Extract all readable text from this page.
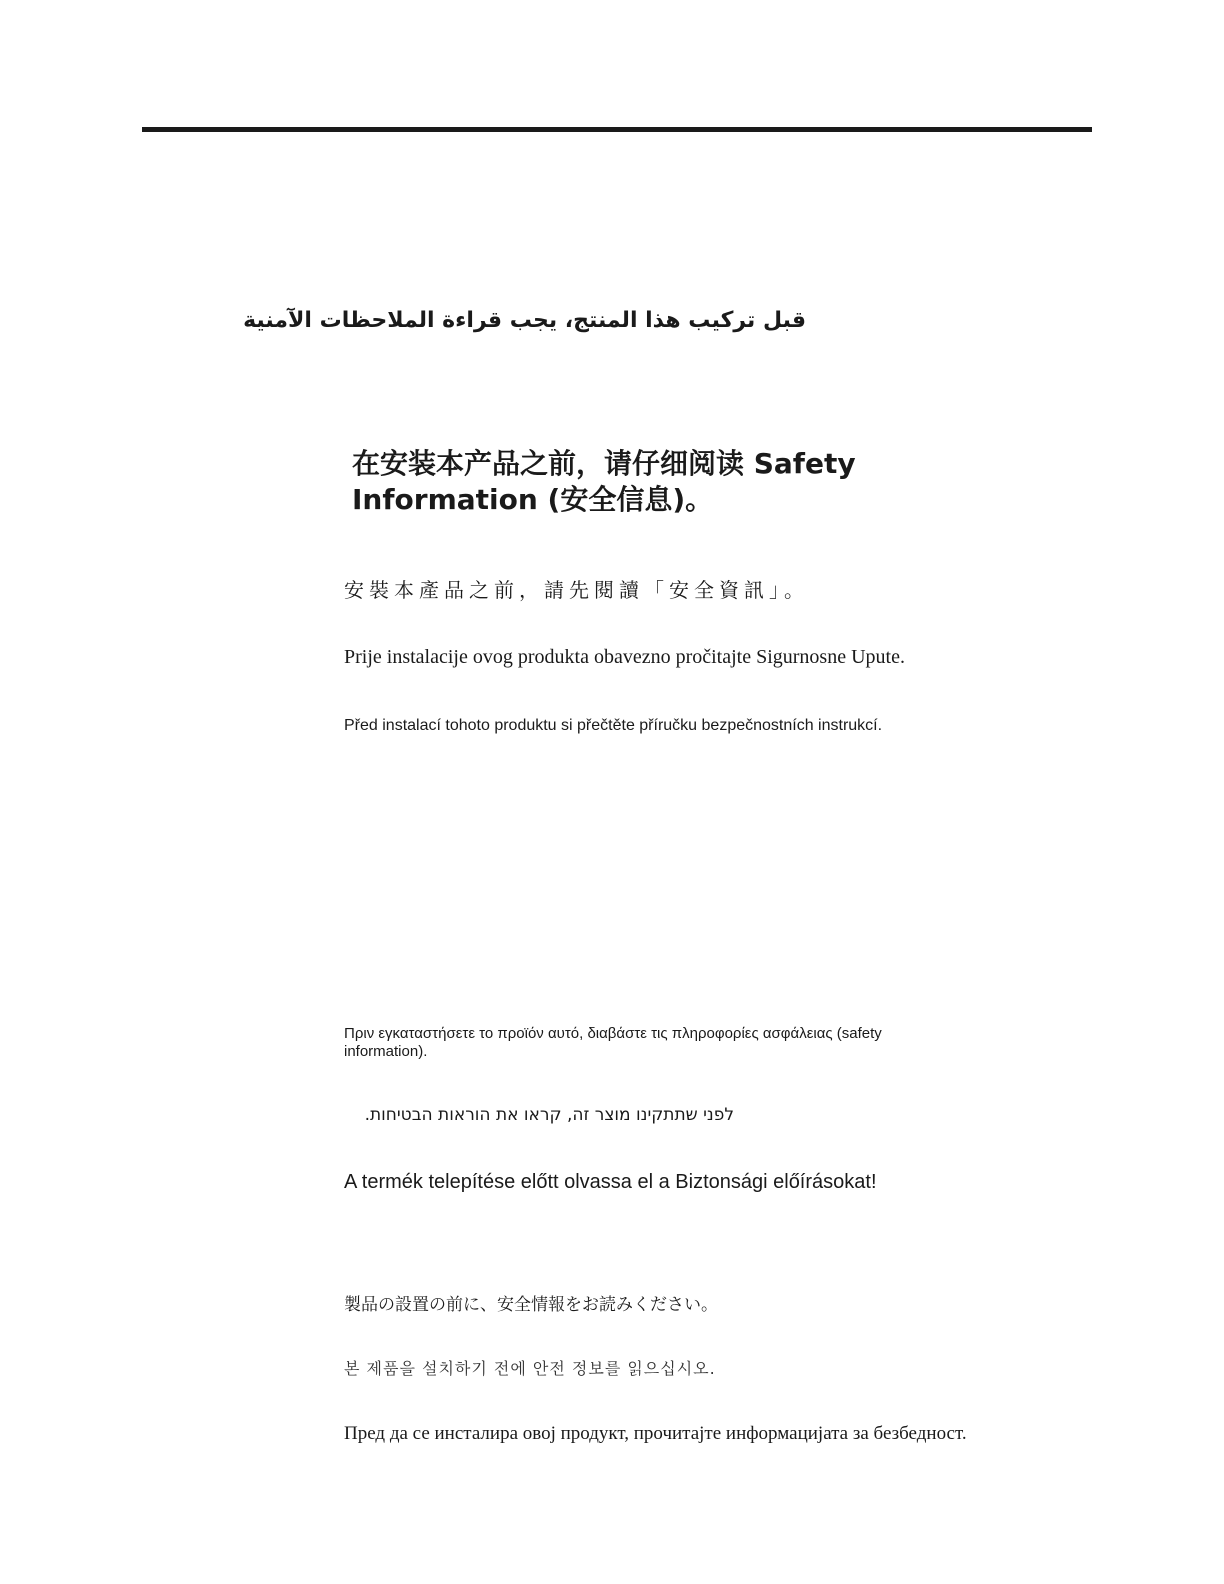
قبل تركيب هذا المنتج، يجب قراءة الملاحظات الآمنية
在安装本产品之前，请仔细阅读 Safety Information (安全信息)。
安裝本產品之前，請先閱讀「安全資訊」。
Prije instalacije ovog produkta obavezno pročitajte Sigurnosne Upute.
Před instalací tohoto produktu si přečtěte příručku bezpečnostních instrukcí.
Πριν εγκαταστήσετε το προϊόν αυτό, διαβάστε τις πληροφορίες ασφάλειας (safety information).
לפני שתתקינו מוצר זה, קראו את הוראות הבטיחות.
A termék telepítése előtt olvassa el a Biztonsági előírásokat!
製品の設置の前に、安全情報をお読みください。
본 제품을 설치하기 전에 안전 정보를 읽으십시오.
Пред да се инсталира овој продукт, прочитајте информацијата за безбедност.
